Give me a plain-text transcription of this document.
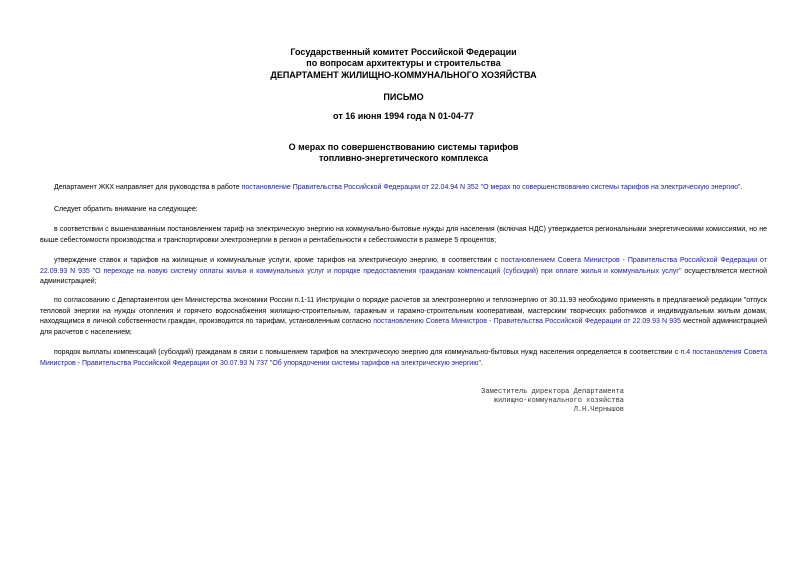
Государственный комитет Российской Федерации
по вопросам архитектуры и строительства
ДЕПАРТАМЕНТ ЖИЛИЩНО-КОММУНАЛЬНОГО ХОЗЯЙСТВА
ПИСЬМО
от 16 июня 1994 года N 01-04-77
О мерах по совершенствованию системы тарифов
топливно-энергетического комплекса

Департамент ЖКХ направляет для руководства в работе постановление Правительства Российской Федерации от 22.04.94 N 352 "О мерах по совершенствованию системы тарифов на электрическую энергию".

Следует обратить внимание на следующее:

в соответствии с вышеназванным постановлением тариф на электрическую энергию на коммунально-бытовые нужды для населения (включая НДС) утверждается региональными энергетическими комиссиями, но не выше себестоимости производства и транспортировки электроэнергии в регион и рентабельности к себестоимости в размере 5 процентов;

утверждение ставок и тарифов на жилищные и коммунальные услуги, кроме тарифов на электрическую энергию, в соответствии с постановлением Совета Министров - Правительства Российской Федерации от 22.09.93 N 935 "О переходе на новую систему оплаты жилья и коммунальных услуг и порядке предоставления гражданам компенсаций (субсидий) при оплате жилья и коммунальных услуг" осуществляется местной администрацией;

по согласованию с Департаментом цен Министерства экономики России п.1-11 Инструкции о порядке расчетов за электроэнергию и теплоэнергию от 30.11.93 необходимо применять в предлагаемой редакции "отпуск тепловой энергии на нужды отопления и горячего водоснабжения жилищно-строительным, гаражным и гаражно-строительным кооперативам, мастерским творческих работников и индивидуальным жилым домам, находящимся в личной собственности граждан, производится по тарифам, установленным согласно постановлению Совета Министров - Правительства Российской Федерации от 22.09.93 N 935 местной администрацией для расчетов с населением;

порядок выплаты компенсаций (субсидий) гражданам в связи с повышением тарифов на электрическую энергию для коммунально-бытовых нужд населения определяется в соответствии с п.4 постановления Совета Министров - Правительства Российской Федерации от 30.07.93 N 737 "Об упорядочении системы тарифов на электрическую энергию".

Заместитель директора Департамента
жилищно-коммунального хозяйства
Л.Н.Чернышов
